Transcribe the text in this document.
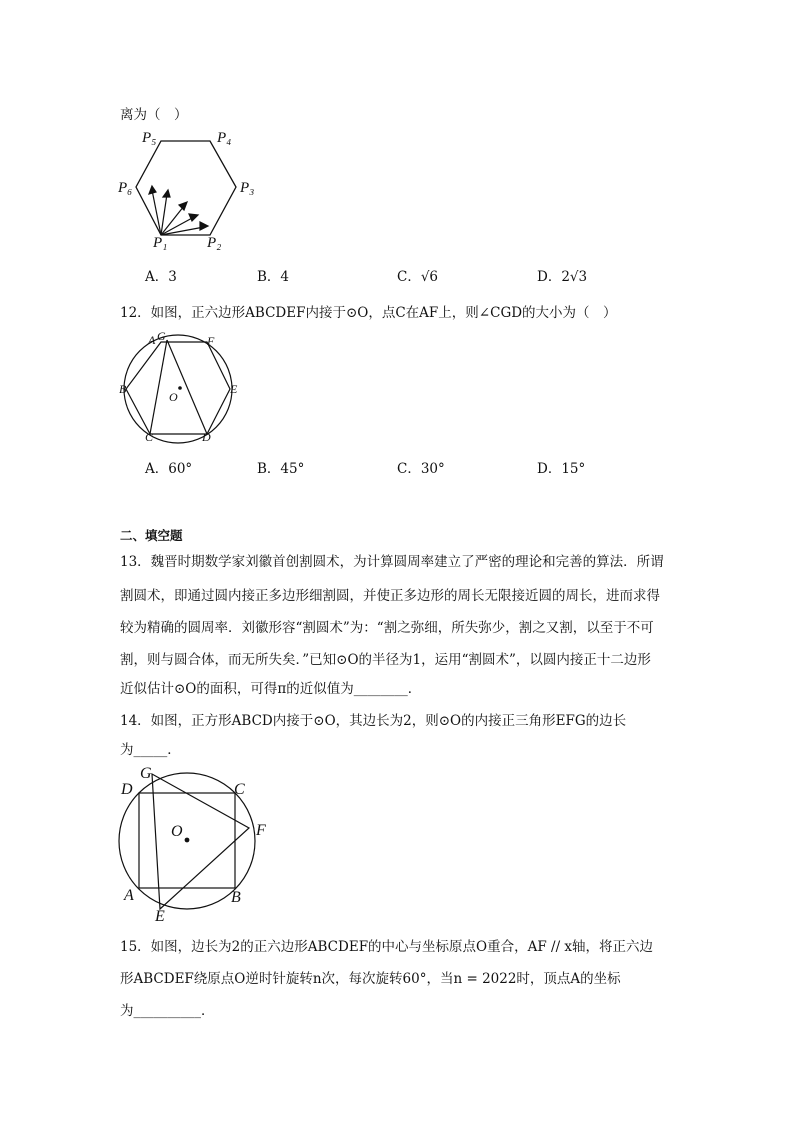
离为（　）
P₅	P₄
P₆	P₃
P₁	P₂
A．3	B．4	C．√6	D．2√3
12．如图，正六边形ABCDEF内接于⊙O，点C在AF上，则∠CGD的大小为（　）
A G	F
B	E
O
C	D
A．60°	B．45°	C．30°	D．15°
二、填空题
13．魏晋时期数学家刘徽首创割圆术，为计算圆周率建立了严密的理论和完善的算法．所谓
割圆术，即通过圆内接正多边形细割圆，并使正多边形的周长无限接近圆的周长，进而求得
较为精确的圆周率．刘徽形容“割圆术”为：“割之弥细，所失弥少，割之又割，以至于不可
割，则与圆合体，而无所失矣．”已知⊙O的半径为1，运用“割圆术”，以圆内接正十二边形
近似估计⊙O的面积，可得π的近似值为________．
14．如图，正方形ABCD内接于⊙O，其边长为2，则⊙O的内接正三角形EFG的边长
为_____．
D
G
C
O	F
A
E
B
15．如图，边长为2的正六边形ABCDEF的中心与坐标原点O重合，AF // x轴，将正六边
形ABCDEF绕原点O逆时针旋转n次，每次旋转60°，当n = 2022时，顶点A的坐标
为__________．
